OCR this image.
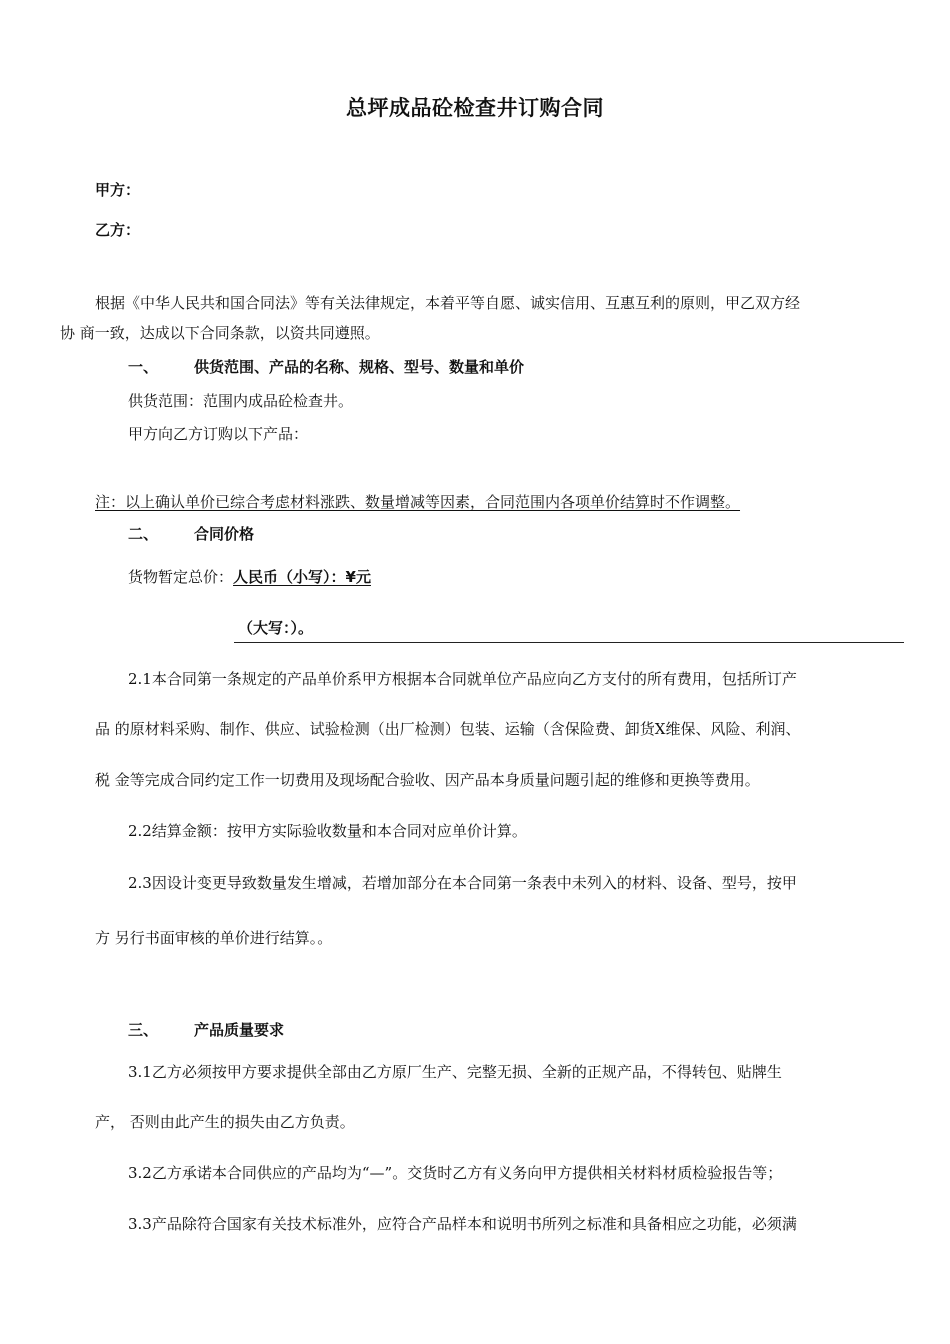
总坪成品砼检查井订购合同
甲方：
乙方：
根据《中华人民共和国合同法》等有关法律规定，本着平等自愿、诚实信用、互惠互利的原则，甲乙双方经
协 商一致，达成以下合同条款，以资共同遵照。
一、 供货范围、产品的名称、规格、型号、数量和单价
供货范围：范围内成品砼检查井。
甲方向乙方订购以下产品：
注：以上确认单价已综合考虑材料涨跌、数量增减等因素，合同范围内各项单价结算时不作调整。
二、 合同价格
货物暂定总价：人民币（小写）：¥元
（大写：）。
2.1本合同第一条规定的产品单价系甲方根据本合同就单位产品应向乙方支付的所有费用，包括所订产
品 的原材料采购、制作、供应、试验检测（出厂检测）包装、运输（含保险费、卸货X维保、风险、利润、
税 金等完成合同约定工作一切费用及现场配合验收、因产品本身质量问题引起的维修和更换等费用。
2.2结算金额：按甲方实际验收数量和本合同对应单价计算。
2.3因设计变更导致数量发生增减，若增加部分在本合同第一条表中未列入的材料、设备、型号，按甲
方 另行书面审核的单价进行结算。。
三、 产品质量要求
3.1乙方必须按甲方要求提供全部由乙方原厂生产、完整无损、全新的正规产品，不得转包、贴牌生
产， 否则由此产生的损失由乙方负责。
3.2乙方承诺本合同供应的产品均为“—”。交货时乙方有义务向甲方提供相关材料材质检验报告等；
3.3产品除符合国家有关技术标准外，应符合产品样本和说明书所列之标准和具备相应之功能，必须满
